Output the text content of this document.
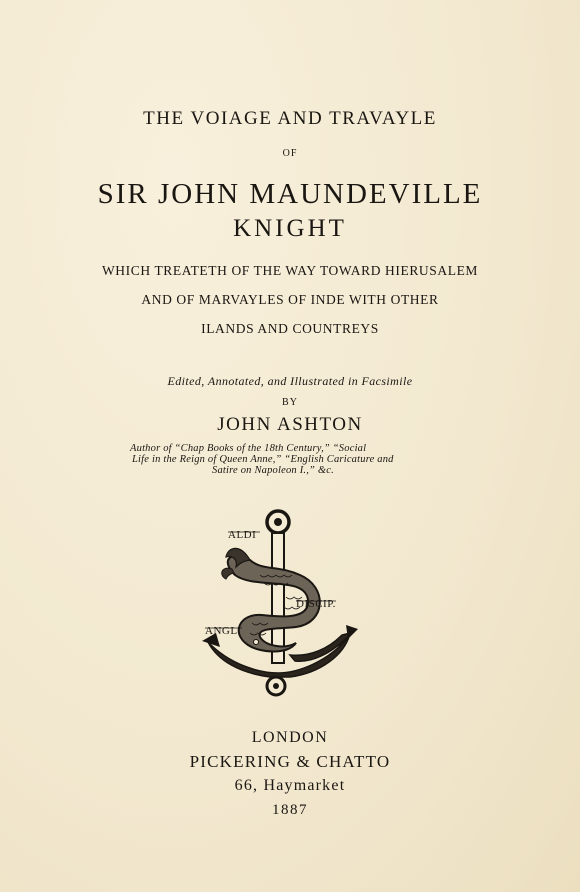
THE VOIAGE AND TRAVAYLE
OF
SIR JOHN MAUNDEVILLE
KNIGHT
WHICH TREATETH OF THE WAY TOWARD HIERUSALEM
AND OF MARVAYLES OF INDE WITH OTHER
ILANDS AND COUNTREYS
Edited, Annotated, and Illustrated in Facsimile
BY
JOHN ASHTON
Author of “Chap Books of the 18th Century,” “Social
Life in the Reign of Queen Anne,” “English Caricature and
Satire on Napoleon I.,” &c.
ALDI
DISCIP.
ANGL.
LONDON
PICKERING & CHATTO
66, Haymarket
1887
